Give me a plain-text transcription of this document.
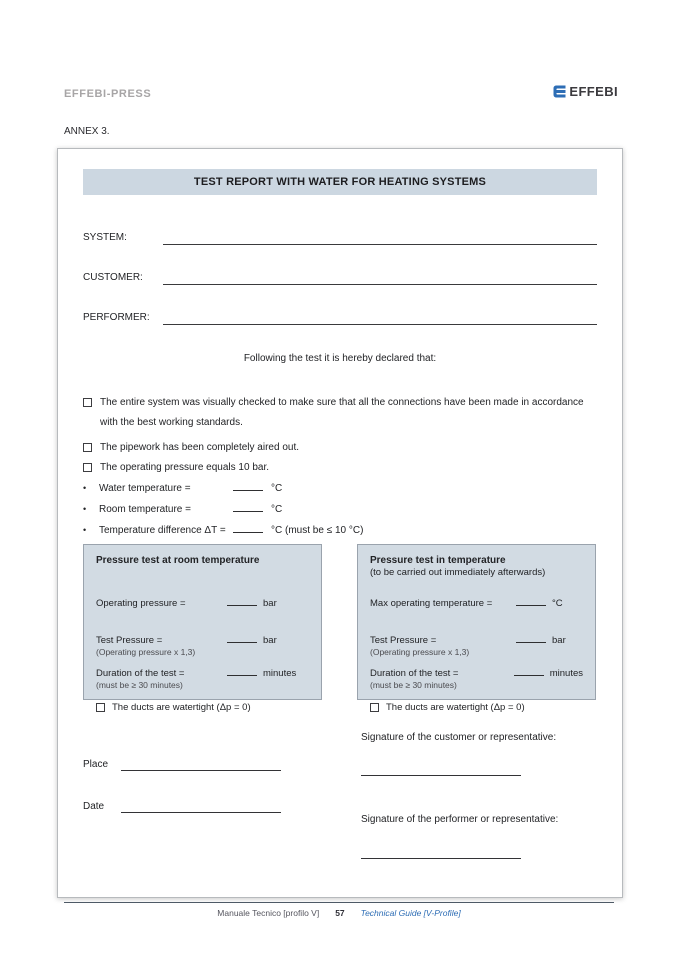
EFFEBI-PRESS	EFFEBI
ANNEX 3.
TEST REPORT WITH WATER FOR HEATING SYSTEMS
SYSTEM:
CUSTOMER:
PERFORMER:
Following the test it is hereby declared that:
The entire system was visually checked to make sure that all the connections have been made in accordance with the best working standards.
The pipework has been completely aired out.
The operating pressure equals 10 bar.
•	Water temperature =	°C
•	Room temperature =	°C
•	Temperature difference ΔT =	°C (must be ≤ 10 °C)
Pressure test at room temperature
Operating pressure =	bar
Test Pressure =	bar
(Operating pressure x 1,3)
Duration of the test =	minutes
(must be ≥ 30 minutes)
The ducts are watertight (Δp = 0)
Pressure test in temperature
(to be carried out immediately afterwards)
Max operating temperature =	°C
Test Pressure =	bar
(Operating pressure x 1,3)
Duration of the test =	minutes
(must be ≥ 30 minutes)
The ducts are watertight (Δp = 0)
Place
Date
Signature of the customer or representative:
Signature of the performer or representative:
Manuale Tecnico [profilo V] 57 Technical Guide [V-Profile]
